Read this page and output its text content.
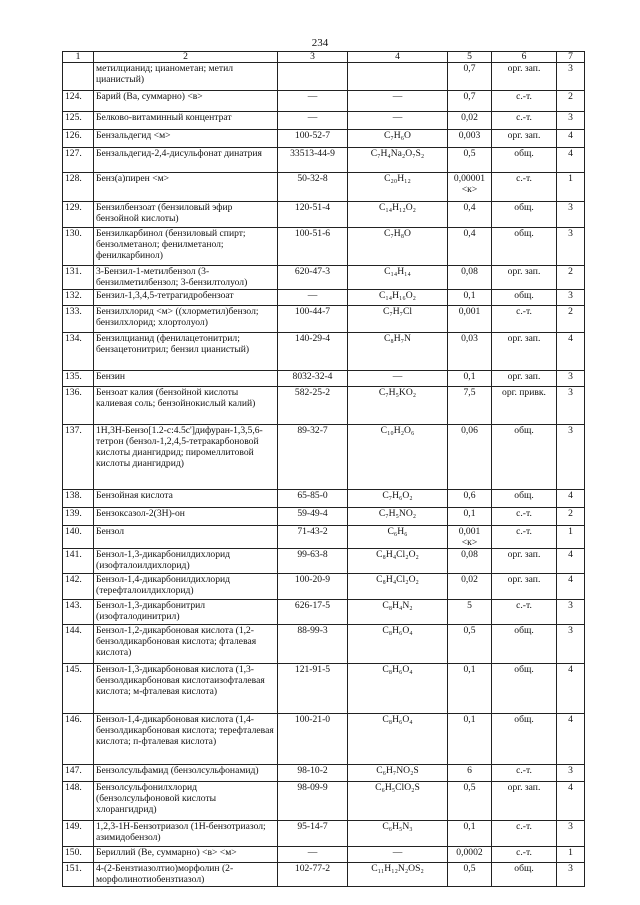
234
1	2	3	4	5	6	7
	метилцианид; цианометан; метил цианистый)			0,7	орг. зап.	3
124.	Барий (Ва, суммарно) <в>	—	—	0,7	с.-т.	2
125.	Белково-витаминный концентрат	—	—	0,02	с.-т.	3
126.	Бензальдегид <м>	100-52-7	C₇H₆O	0,003	орг. зап.	4
127.	Бензальдегид-2,4-дисульфонат динатрия	33513-44-9	C₇H₄Na₂O₇S₂	0,5	общ.	4
128.	Бенз(а)пирен <м>	50-32-8	C₂₀H₁₂	0,00001 <к>	с.-т.	1
129.	Бензилбензоат (бензиловый эфир бензойной кислоты)	120-51-4	C₁₄H₁₂O₂	0,4	общ.	3
130.	Бензилкарбинол (бензиловый спирт; бензолметанол; фенилметанол; фенилкарбинол)	100-51-6	C₇H₈O	0,4	общ.	3
131.	3-Бензил-1-метилбензол (3-бензилметилбензол; 3-бензилтолуол)	620-47-3	C₁₄H₁₄	0,08	орг. зап.	2
132.	Бензил-1,3,4,5-тетрагидробензоат	—	C₁₄H₁₆O₂	0,1	общ.	3
133.	Бензилхлорид <м> ((хлорметил)бензол; бензилхлорид; хлортолуол)	100-44-7	C₇H₇Cl	0,001	с.-т.	2
134.	Бензилцианид (фенилацетонитрил; бензацетонитрил; бензил цианистый)	140-29-4	C₈H₇N	0,03	орг. зап.	4
135.	Бензин	8032-32-4	—	0,1	орг. зап.	3
136.	Бензоат калия (бензойной кислоты калиевая соль; бензойнокислый калий)	582-25-2	C₇H₅KO₂	7,5	орг. привк.	3
137.	1Н,3Н-Бензо[1.2-с:4.5с']дифуран-1,3,5,6- тетрон (бензол-1,2,4,5-тетракарбоновой кислоты диангидрид; пиромеллитовой кислоты диангидрид)	89-32-7	C₁₀H₂O₆	0,06	общ.	3
138.	Бензойная кислота	65-85-0	C₇H₆O₂	0,6	общ.	4
139.	Бензоксазол-2(3Н)-он	59-49-4	C₇H₅NO₂	0,1	с.-т.	2
140.	Бензол	71-43-2	C₆H₆	0,001 <к>	с.-т.	1
141.	Бензол-1,3-дикарбонилдихлорид (изофталоилдихлорид)	99-63-8	C₈H₄Cl₂O₂	0,08	орг. зап.	4
142.	Бензол-1,4-дикарбонилдихлорид (терефталоилдихлорид)	100-20-9	C₈H₄Cl₂O₂	0,02	орг. зап.	4
143.	Бензол-1,3-дикарбонитрил (изофталодинитрил)	626-17-5	C₈H₄N₂	5	с.-т.	3
144.	Бензол-1,2-дикарбоновая кислота (1,2-бензолдикарбоновая кислота; фталевая кислота)	88-99-3	C₈H₆O₄	0,5	общ.	3
145.	Бензол-1,3-дикарбоновая кислота (1,3-бензолдикарбоновая кислотаизофталевая кислота; м-фталевая кислота)	121-91-5	C₈H₆O₄	0,1	общ.	4
146.	Бензол-1,4-дикарбоновая кислота (1,4-бензолдикарбоновая кислота; терефталевая кислота; п-фталевая кислота)	100-21-0	C₈H₆O₄	0,1	общ.	4
147.	Бензолсульфамид (бензолсульфонамид)	98-10-2	C₆H₇NO₂S	6	с.-т.	3
148.	Бензолсульфонилхлорид (бензолсульфоновой кислоты хлорангидрид)	98-09-9	C₆H₅ClO₂S	0,5	орг. зап.	4
149.	1,2,3-1Н-Бензотриазол (1Н-бензотриазол; азимидобензол)	95-14-7	C₆H₅N₃	0,1	с.-т.	3
150.	Бериллий (Ве, суммарно) <в> <м>	—	—	0,0002	с.-т.	1
151.	4-(2-Бензтиазолтио)морфолин (2-морфолинотиобензтиазол)	102-77-2	C₁₁H₁₂N₂OS₂	0,5	общ.	3
